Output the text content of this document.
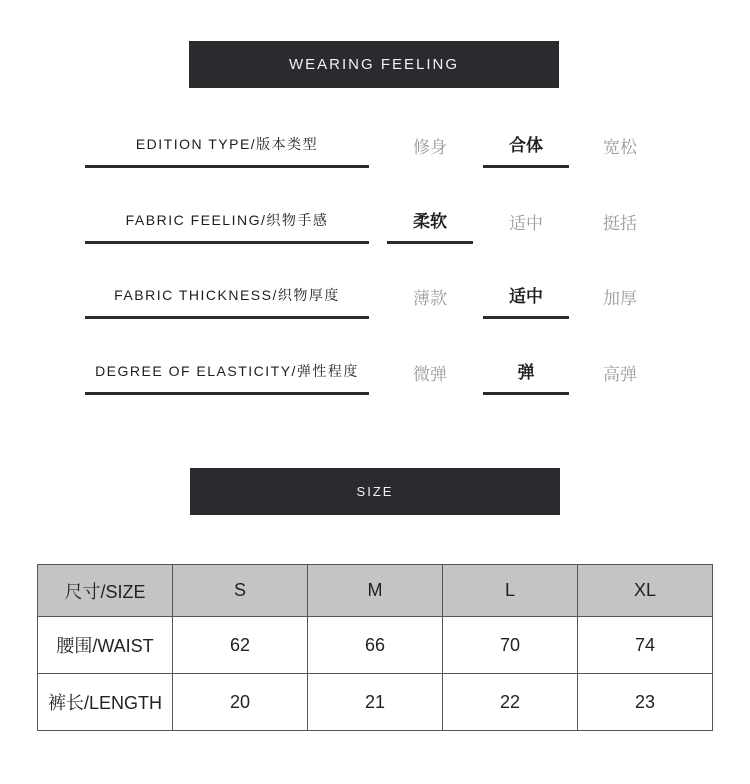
WEARING FEELING
EDITION TYPE/版本类型	修身	合体	宽松
FABRIC FEELING/织物手感	柔软	适中	挺括
FABRIC THICKNESS/织物厚度	薄款	适中	加厚
DEGREE OF ELASTICITY/弹性程度	微弹	弹	高弹
SIZE
尺寸/SIZE	S	M	L	XL
腰围/WAIST	62	66	70	74
裤长/LENGTH	20	21	22	23
